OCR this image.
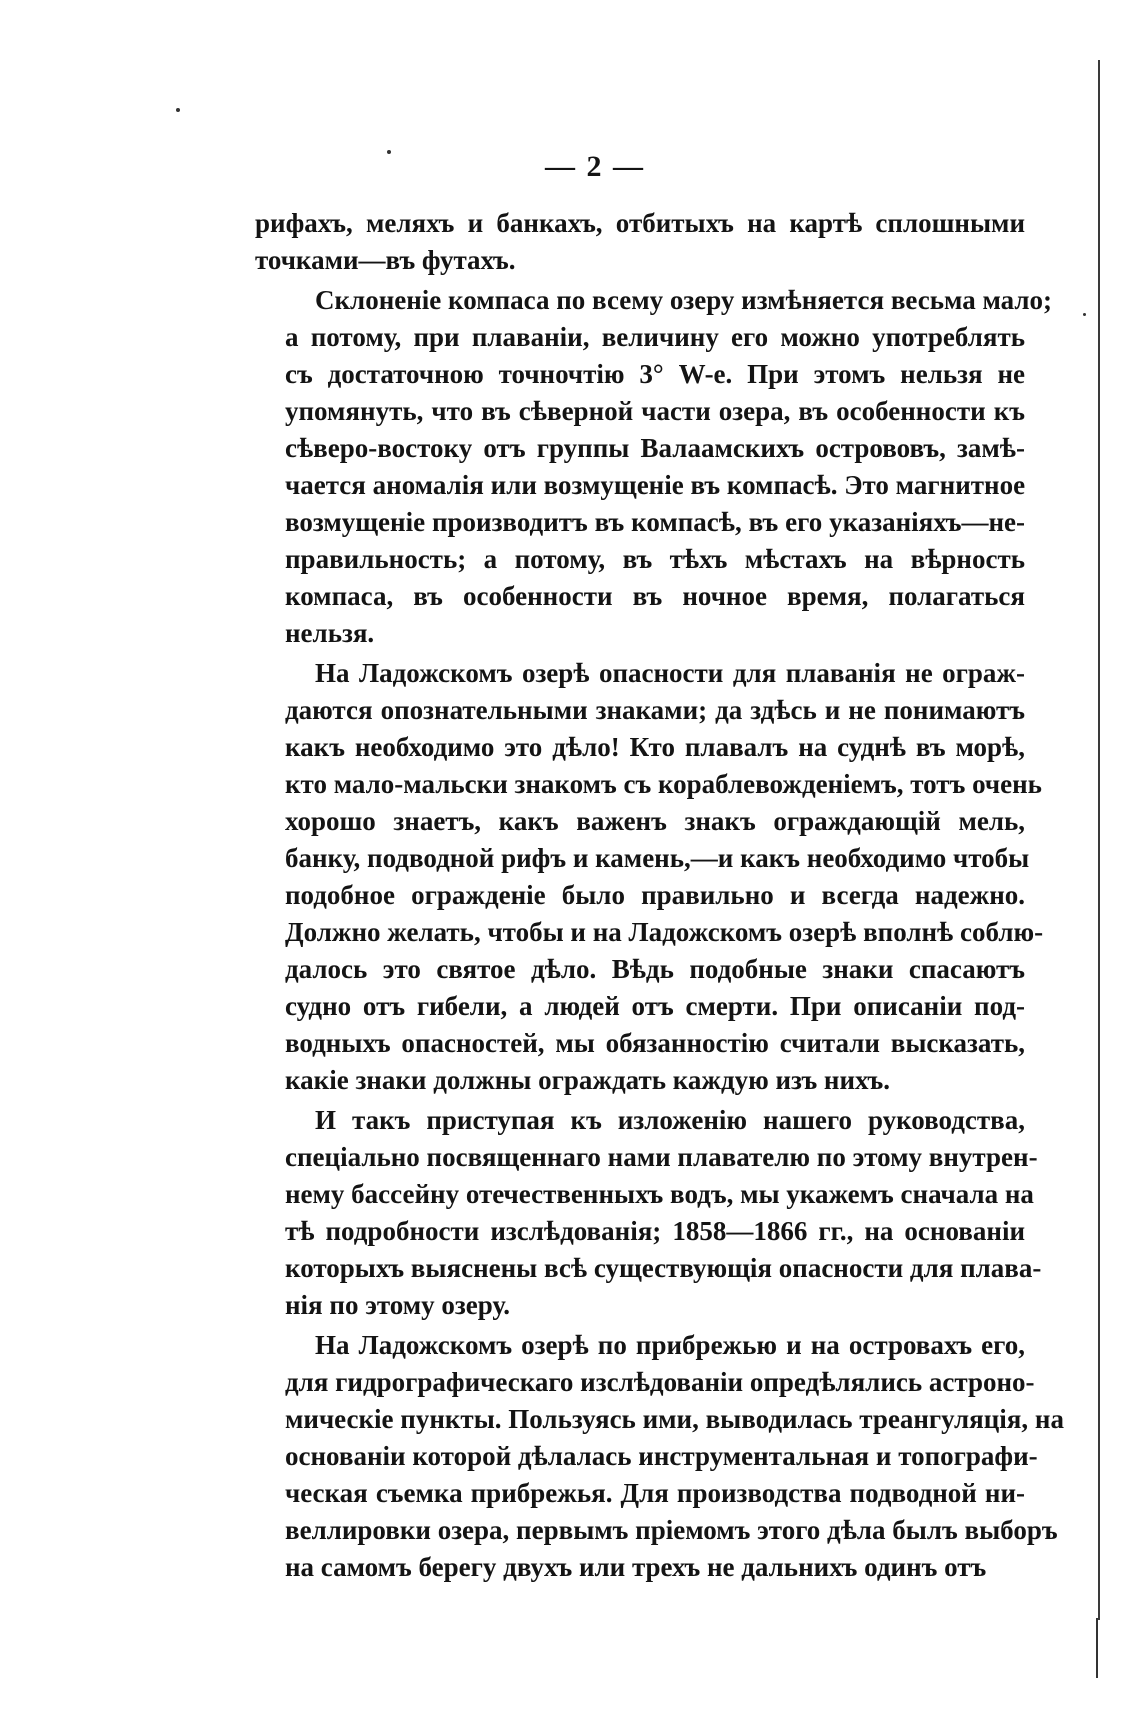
— 2 —
рифахъ, меляхъ и банкахъ, отбитыхъ на картѣ сплошными
точками—въ футахъ.
Склоненіе компаса по всему озеру измѣняется весьма мало;
а потому, при плаваніи, величину его можно употреблять
съ достаточною точночтію 3° W-е. При этомъ нельзя не
упомянуть, что въ сѣверной части озера, въ особенности къ
сѣверо-востоку отъ группы Валаамскихъ острововъ, замѣ-
чается аномалія или возмущеніе въ компасѣ. Это магнитное
возмущеніе производитъ въ компасѣ, въ его указаніяхъ—не-
правильность; а потому, въ тѣхъ мѣстахъ на вѣрность
компаса, въ особенности въ ночное время, полагаться
нельзя.
На Ладожскомъ озерѣ опасности для плаванія не ограж-
даются опознательными знаками; да здѣсь и не понимаютъ
какъ необходимо это дѣло! Кто плавалъ на суднѣ въ морѣ,
кто мало-мальски знакомъ съ кораблевожденіемъ, тотъ очень
хорошо знаетъ, какъ важенъ знакъ ограждающій мель,
банку, подводной рифъ и камень,—и какъ необходимо чтобы
подобное огражденіе было правильно и всегда надежно.
Должно желать, чтобы и на Ладожскомъ озерѣ вполнѣ соблю-
далось это святое дѣло. Вѣдь подобные знаки спасаютъ
судно отъ гибели, а людей отъ смерти. При описаніи под-
водныхъ опасностей, мы обязанностію считали высказать,
какіе знаки должны ограждать каждую изъ нихъ.
И такъ приступая къ изложенію нашего руководства,
спеціально посвященнаго нами плавателю по этому внутрен-
нему бассейну отечественныхъ водъ, мы укажемъ сначала на
тѣ подробности изслѣдованія; 1858—1866 гг., на основаніи
которыхъ выяснены всѣ существующія опасности для плава-
нія по этому озеру.
На Ладожскомъ озерѣ по прибрежью и на островахъ его,
для гидрографическаго изслѣдованіи опредѣлялись астроно-
мическіе пункты. Пользуясь ими, выводилась треангуляція, на
основаніи которой дѣлалась инструментальная и топографи-
ческая съемка прибрежья. Для производства подводной ни-
веллировки озера, первымъ пріемомъ этого дѣла былъ выборъ
на самомъ берегу двухъ или трехъ не дальнихъ одинъ отъ
